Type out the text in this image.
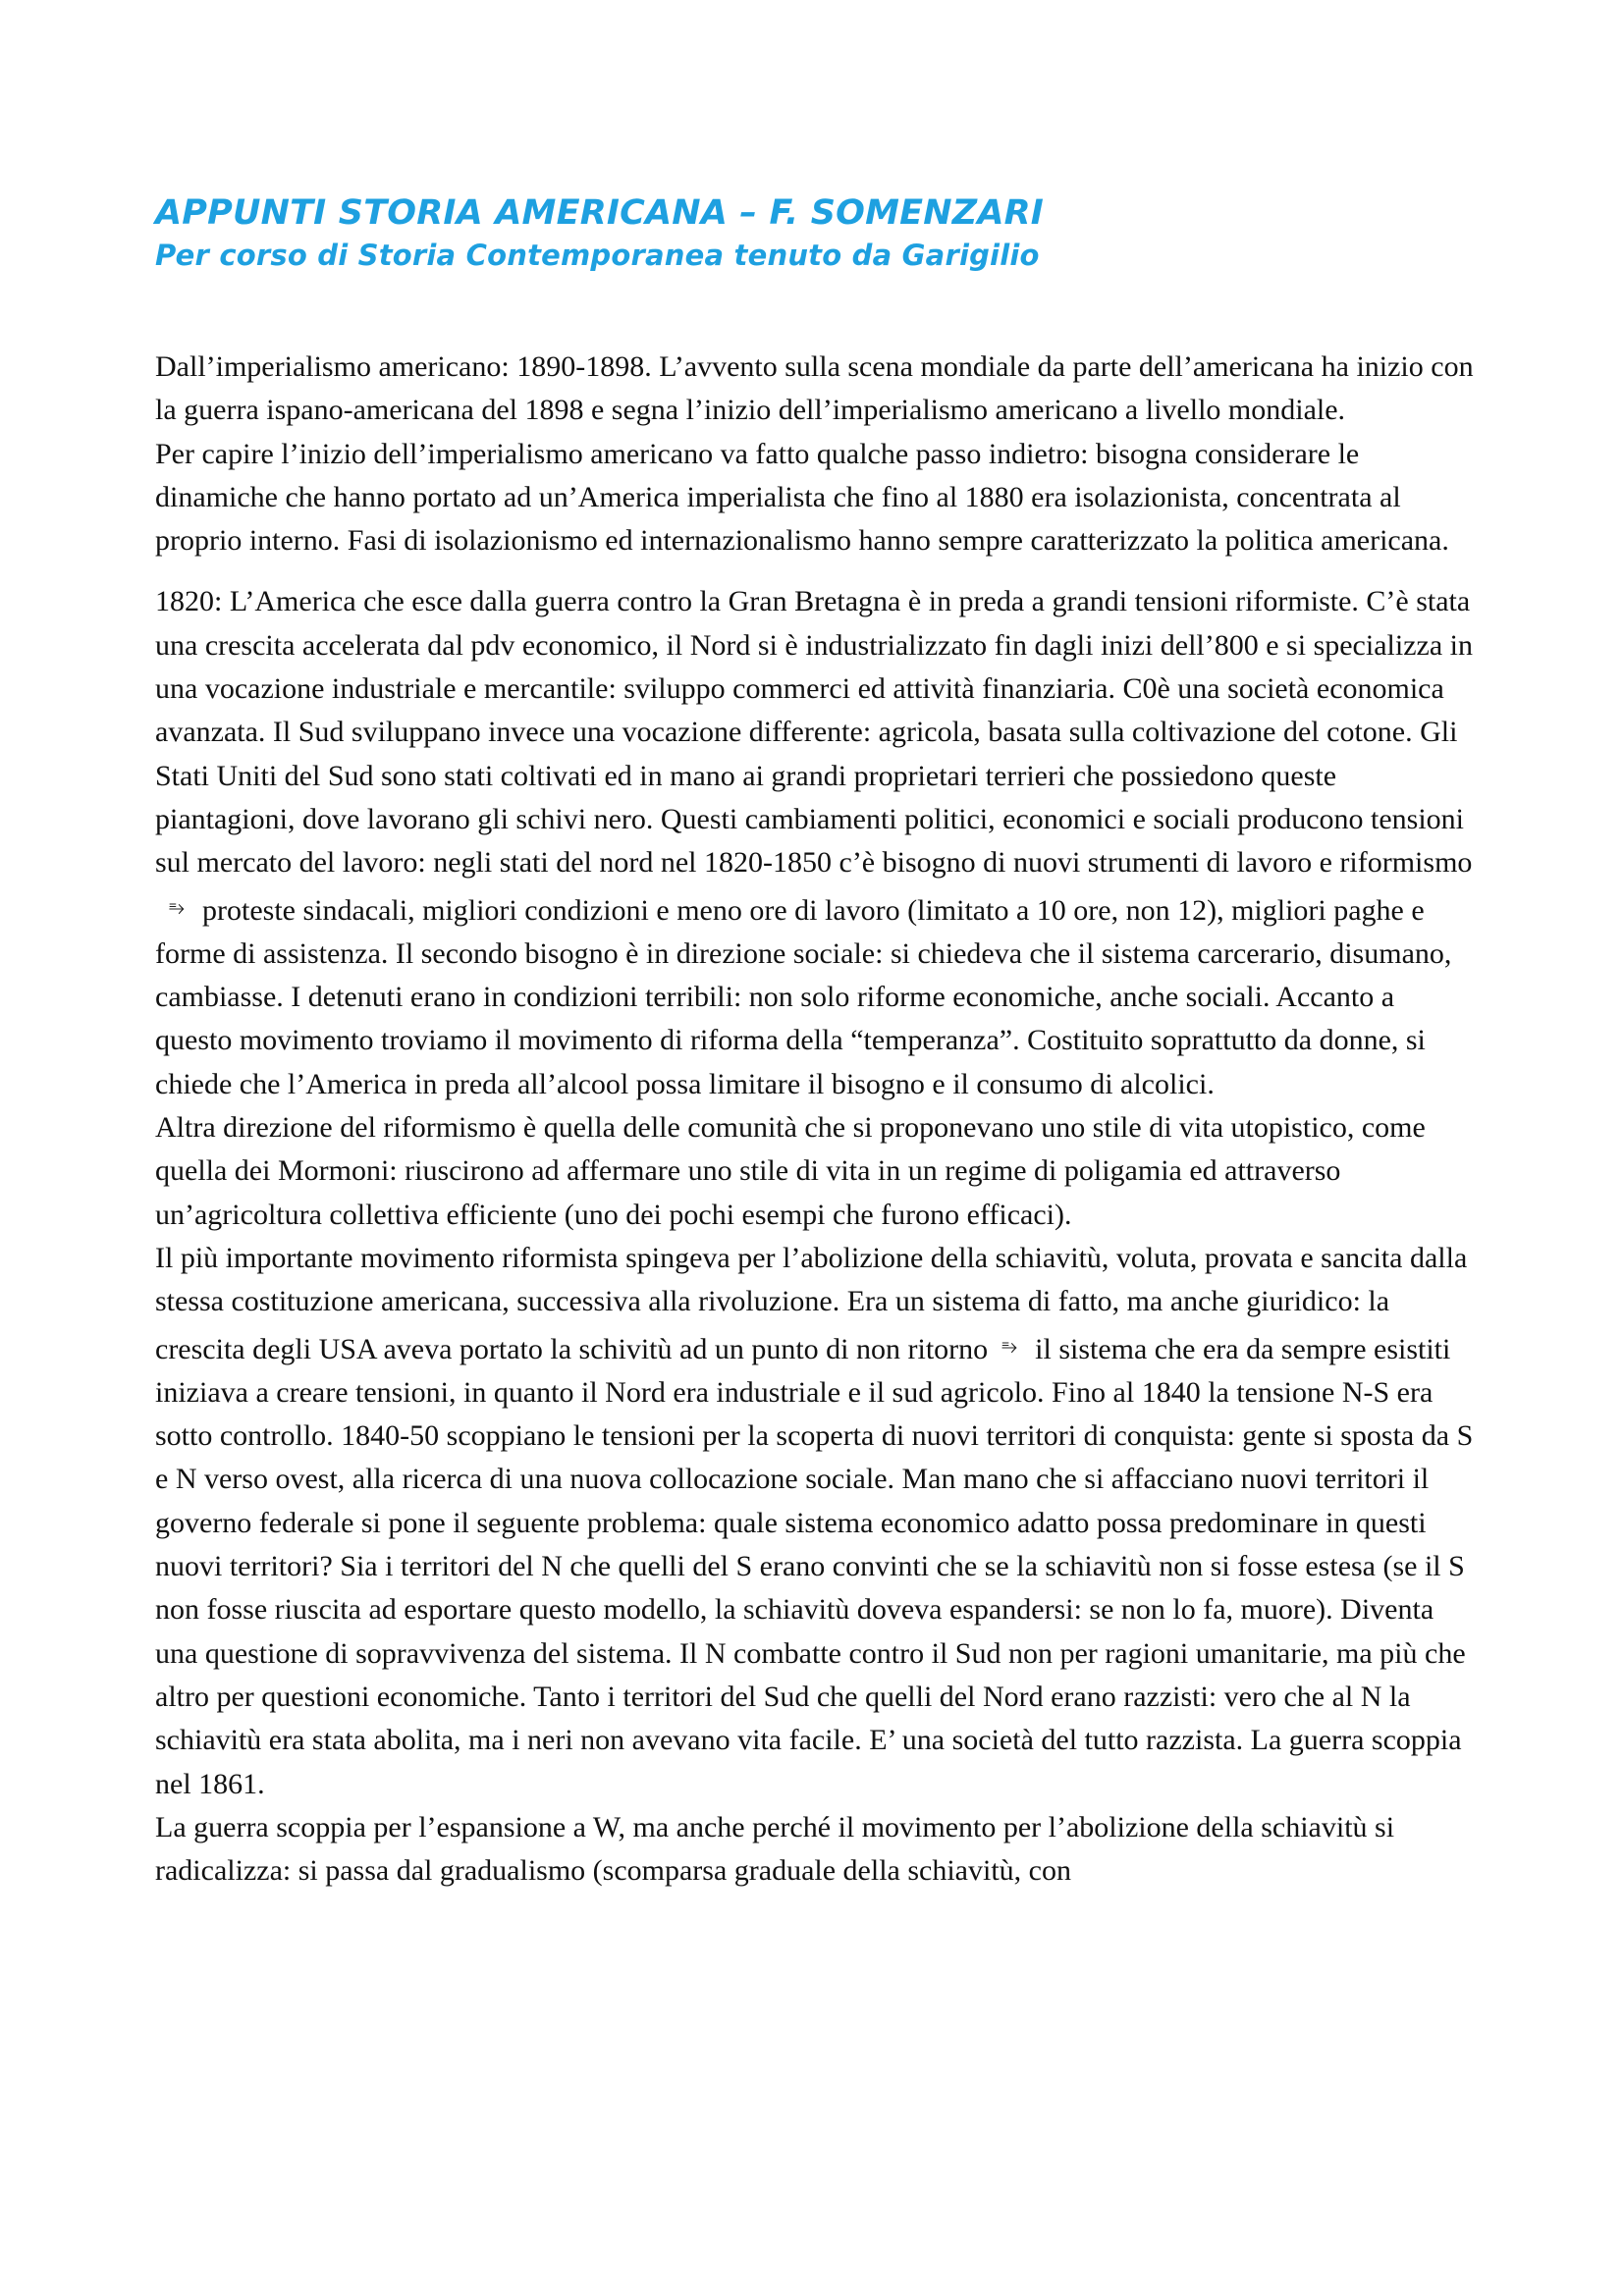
APPUNTI STORIA AMERICANA – F. SOMENZARI
Per corso di Storia Contemporanea tenuto da Garigilio

Dall’imperialismo americano: 1890-1898. L’avvento sulla scena mondiale da parte dell’americana ha inizio con la guerra ispano-americana del 1898 e segna l’inizio dell’imperialismo americano a livello mondiale.

Per capire l’inizio dell’imperialismo americano va fatto qualche passo indietro: bisogna considerare le dinamiche che hanno portato ad un’America imperialista che fino al 1880 era isolazionista, concentrata al proprio interno. Fasi di isolazionismo ed internazionalismo hanno sempre caratterizzato la politica americana.

1820: L’America che esce dalla guerra contro la Gran Bretagna è in preda a grandi tensioni riformiste. C’è stata una crescita accelerata dal pdv economico, il Nord si è industrializzato fin dagli inizi dell’800 e si specializza in una vocazione industriale e mercantile: sviluppo commerci ed attività finanziaria. C0è una società economica avanzata. Il Sud sviluppano invece una vocazione differente: agricola, basata sulla coltivazione del cotone. Gli Stati Uniti del Sud sono stati coltivati ed in mano ai grandi proprietari terrieri che possiedono queste piantagioni, dove lavorano gli schivi nero. Questi cambiamenti politici, economici e sociali producono tensioni sul mercato del lavoro: negli stati del nord nel 1820-1850 c’è bisogno di nuovi strumenti di lavoro e riformismo⥱ proteste sindacali, migliori condizioni e meno ore di lavoro (limitato a 10 ore, non 12), migliori paghe e forme di assistenza. Il secondo bisogno è in direzione sociale: si chiedeva che il sistema carcerario, disumano, cambiasse. I detenuti erano in condizioni terribili: non solo riforme economiche, anche sociali. Accanto a questo movimento troviamo il movimento di riforma della “temperanza”. Costituito soprattutto da donne, si chiede che l’America in preda all’alcool possa limitare il bisogno e il consumo di alcolici.

Altra direzione del riformismo è quella delle comunità che si proponevano uno stile di vita utopistico, come quella dei Mormoni: riuscirono ad affermare uno stile di vita in un regime di poligamia ed attraverso un’agricoltura collettiva efficiente (uno dei pochi esempi che furono efficaci).

Il più importante movimento riformista spingeva per l’abolizione della schiavitù, voluta, provata e sancita dalla stessa costituzione americana, successiva alla rivoluzione. Era un sistema di fatto, ma anche giuridico: la crescita degli USA aveva portato la schivitù ad un punto di non ritorno ⥱ il sistema che era da sempre esistiti iniziava a creare tensioni, in quanto il Nord era industriale e il sud agricolo. Fino al 1840 la tensione N-S era sotto controllo. 1840-50 scoppiano le tensioni per la scoperta di nuovi territori di conquista: gente si sposta da S e N verso ovest, alla ricerca di una nuova collocazione sociale. Man mano che si affacciano nuovi territori il governo federale si pone il seguente problema: quale sistema economico adatto possa predominare in questi nuovi territori? Sia i territori del N che quelli del S erano convinti che se la schiavitù non si fosse estesa (se il S non fosse riuscita ad esportare questo modello, la schiavitù doveva espandersi: se non lo fa, muore). Diventa una questione di sopravvivenza del sistema. Il N combatte contro il Sud non per ragioni umanitarie, ma più che altro per questioni economiche. Tanto i territori del Sud che quelli del Nord erano razzisti: vero che al N la schiavitù era stata abolita, ma i neri non avevano vita facile. E’ una società del tutto razzista. La guerra scoppia nel 1861.

La guerra scoppia per l’espansione a W, ma anche perché il movimento per l’abolizione della schiavitù si radicalizza: si passa dal gradualismo (scomparsa graduale della schiavitù, con
